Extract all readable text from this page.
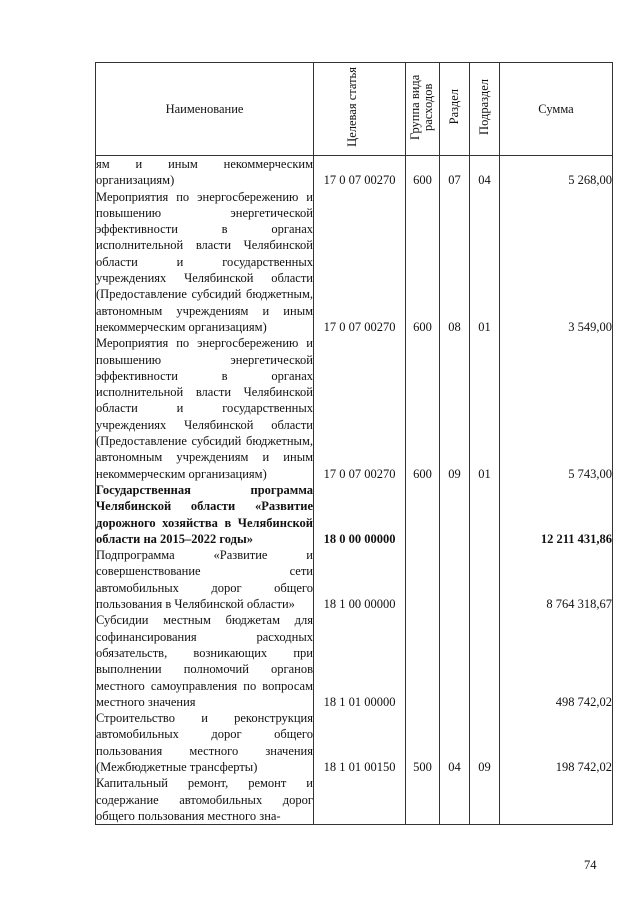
Наименование	Целевая статья	Группа вида расходов	Раздел	Подраздел	Сумма
ям и иным некоммерческим организациям)	17 0 07 00270	600	07	04	5 268,00
Мероприятия по энергосбережению и повышению энергетической эффективности в органах исполнительной власти Челябинской области и государственных учреждениях Челябинской области (Предоставление субсидий бюджетным, автономным учреждениям и иным некоммерческим организациям)	17 0 07 00270	600	08	01	3 549,00
Мероприятия по энергосбережению и повышению энергетической эффективности в органах исполнительной власти Челябинской области и государственных учреждениях Челябинской области (Предоставление субсидий бюджетным, автономным учреждениям и иным некоммерческим организациям)	17 0 07 00270	600	09	01	5 743,00
Государственная программа Челябинской области «Развитие дорожного хозяйства в Челябинской области на 2015–2022 годы»	18 0 00 00000				12 211 431,86
Подпрограмма «Развитие и совершенствование сети автомобильных дорог общего пользования в Челябинской области»	18 1 00 00000				8 764 318,67
Субсидии местным бюджетам для софинансирования расходных обязательств, возникающих при выполнении полномочий органов местного самоуправления по вопросам местного значения	18 1 01 00000				498 742,02
Строительство и реконструкция автомобильных дорог общего пользования местного значения (Межбюджетные трансферты)	18 1 01 00150	500	04	09	198 742,02
Капитальный ремонт, ремонт и содержание автомобильных дорог общего пользования местного зна-					
74
